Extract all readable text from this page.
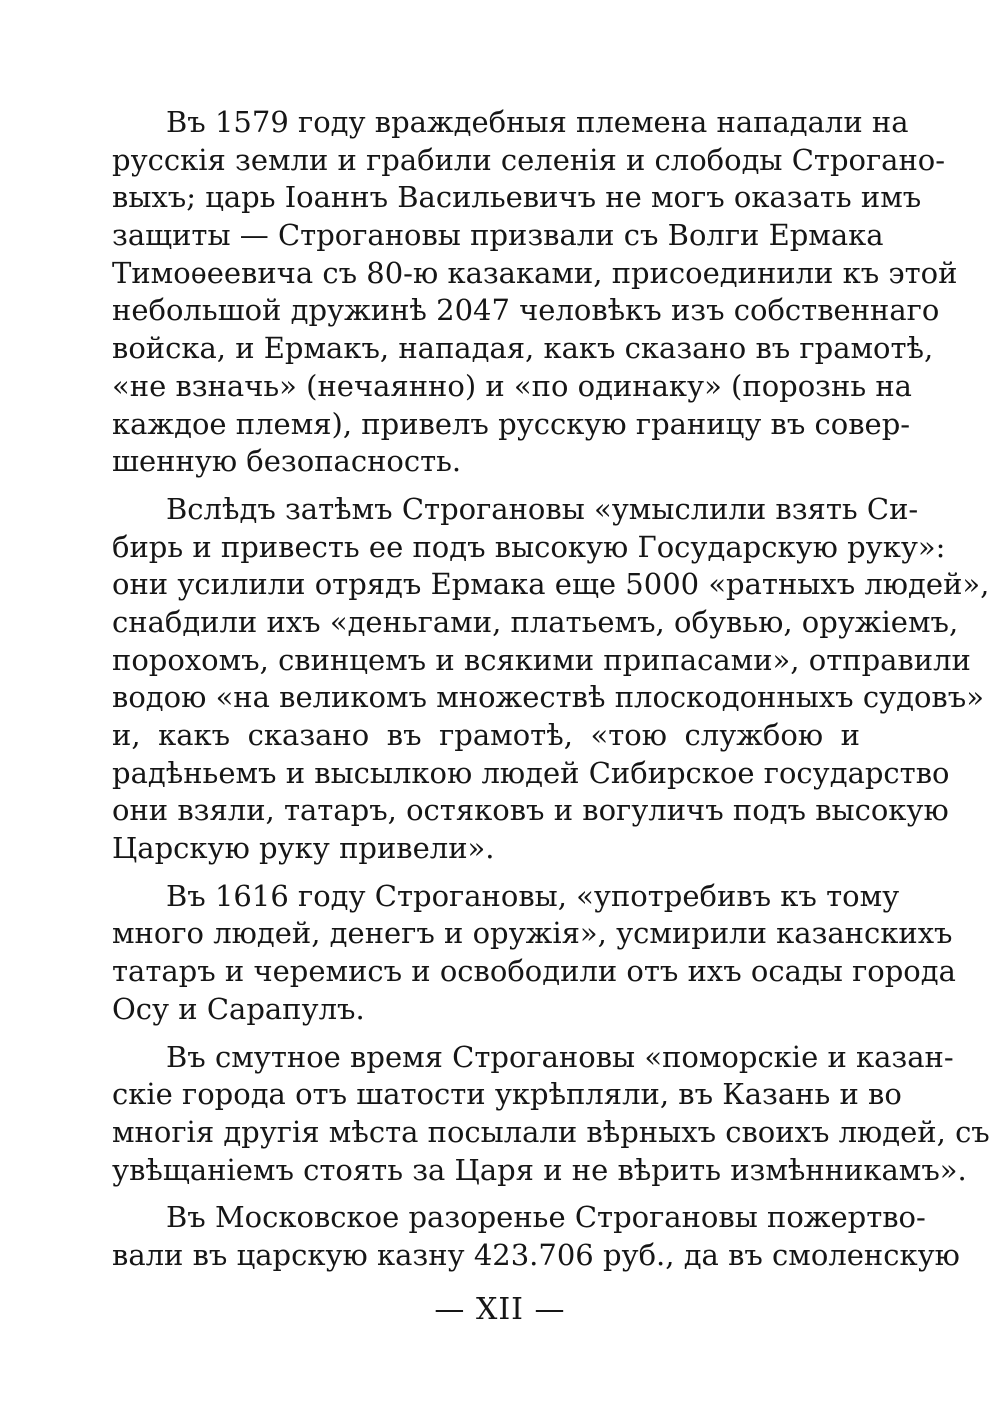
Въ 1579 году враждебныя племена нападали на
русскія земли и грабили селенія и слободы Строгано-
выхъ; царь Іоаннъ Васильевичъ не могъ оказать имъ
защиты — Строгановы призвали съ Волги Ермака
Тимоѳеевича съ 80-ю казаками, присоединили къ этой
небольшой дружинѣ 2047 человѣкъ изъ собственнаго
войска, и Ермакъ, нападая, какъ сказано въ грамотѣ,
«не взначь» (нечаянно) и «по одинаку» (порознь на
каждое племя), привелъ русскую границу въ совер-
шенную безопасность.
Вслѣдъ затѣмъ Строгановы «умыслили взять Си-
бирь и привесть ее подъ высокую Государскую руку»:
они усилили отрядъ Ермака еще 5000 «ратныхъ людей»,
снабдили ихъ «деньгами, платьемъ, обувью, оружіемъ,
порохомъ, свинцемъ и всякими припасами», отправили
водою «на великомъ множествѣ плоскодонныхъ судовъ»
и, какъ сказано въ грамотѣ, «тою службою и
радѣньемъ и высылкою людей Сибирское государство
они взяли, татаръ, остяковъ и вогуличъ подъ высокую
Царскую руку привели».
Въ 1616 году Строгановы, «употребивъ къ тому
много людей, денегъ и оружія», усмирили казанскихъ
татаръ и черемисъ и освободили отъ ихъ осады города
Осу и Сарапулъ.
Въ смутное время Строгановы «поморскіе и казан-
скіе города отъ шатости укрѣпляли, въ Казань и во
многія другія мѣста посылали вѣрныхъ своихъ людей, съ
увѣщаніемъ стоять за Царя и не вѣрить измѣнникамъ».
Въ Московское разоренье Строгановы пожертво-
вали въ царскую казну 423.706 руб., да въ смоленскую
— XII —
